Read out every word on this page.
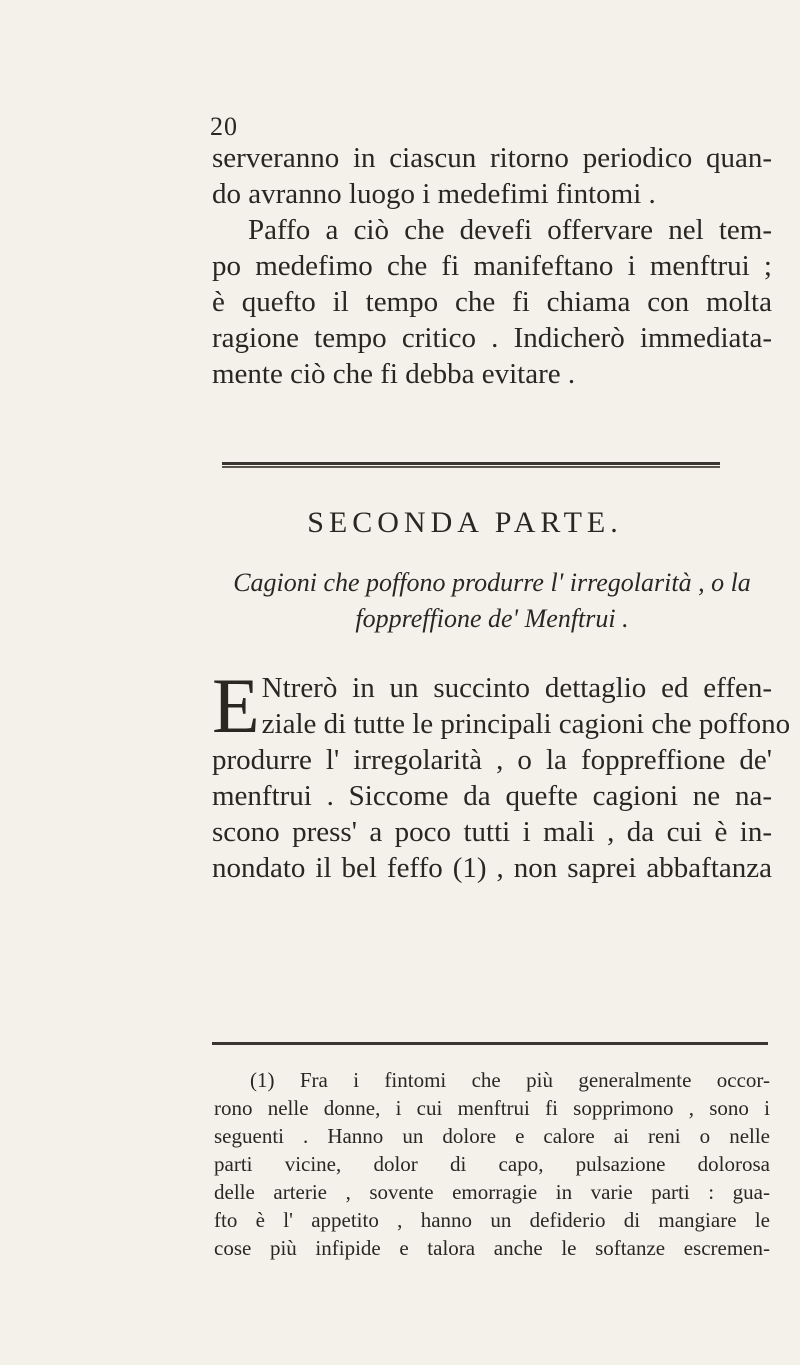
20
serveranno in ciascun ritorno periodico quan-
do avranno luogo i medefimi fintomi .
Paffo a ciò che devefi offervare nel tem-
po medefimo che fi manifeftano i menftrui ;
è quefto il tempo che fi chiama con molta
ragione tempo critico . Indicherò immediata-
mente ciò che fi debba evitare .
SECONDA PARTE.
Cagioni che poffono produrre l' irregolarità , o la
foppreffione de' Menftrui .
E Ntrerò in un succinto dettaglio ed effen-
ziale di tutte le principali cagioni che poffono
produrre l' irregolarità , o la foppreffione de'
menftrui . Siccome da quefte cagioni ne na-
scono press' a poco tutti i mali , da cui è in-
nondato il bel feffo (1) , non saprei abbaftanza
(1) Fra i fintomi che più generalmente occor-
rono nelle donne, i cui menftrui fi sopprimono , sono i
seguenti . Hanno un dolore e calore ai reni o nelle
parti vicine, dolor di capo, pulsazione dolorosa
delle arterie , sovente emorragie in varie parti : gua-
fto è l' appetito , hanno un defiderio di mangiare le
cose più infipide e talora anche le softanze escremen-
